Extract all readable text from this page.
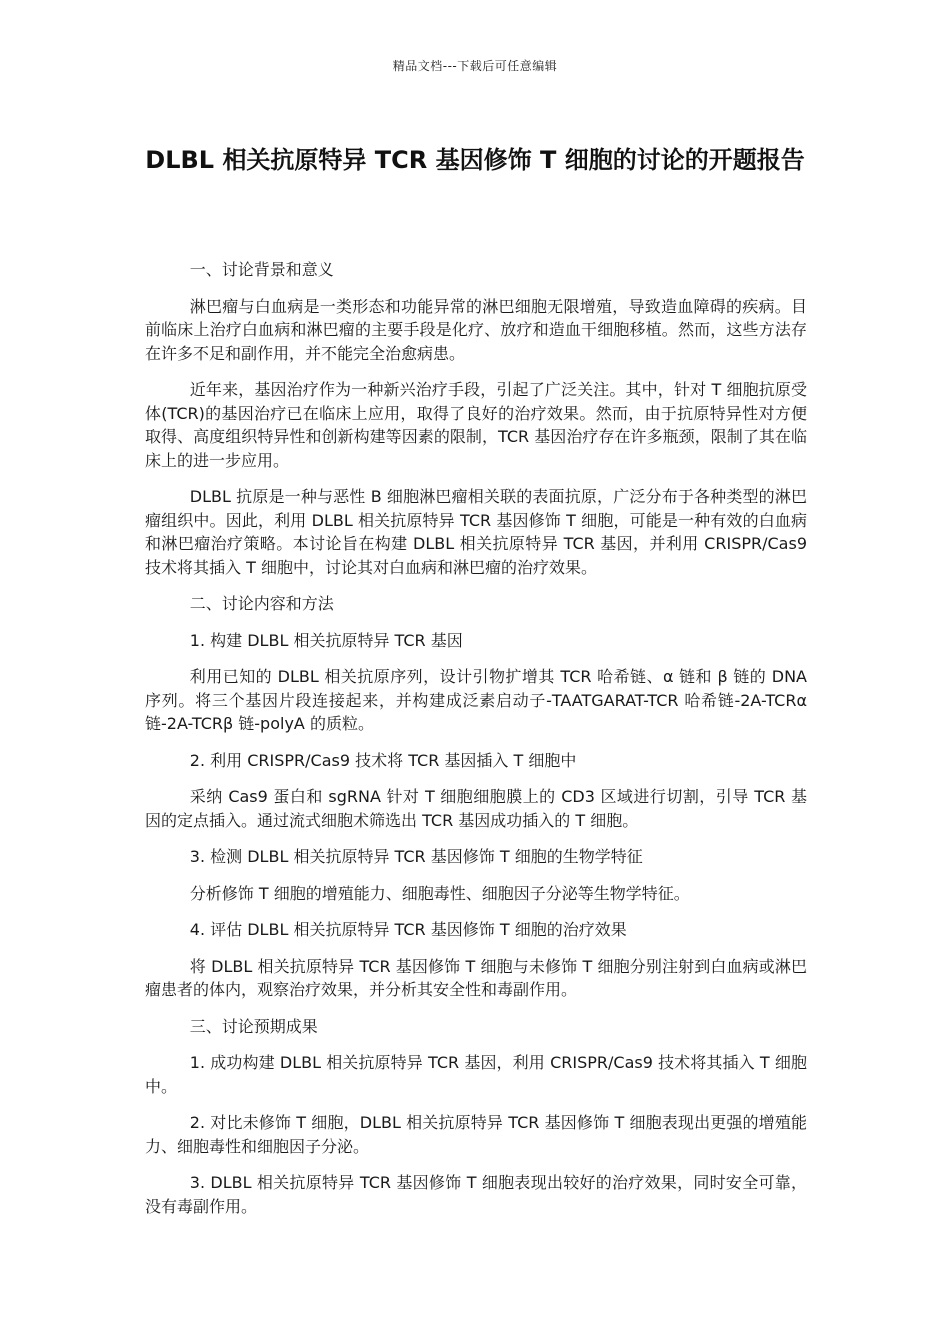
精品文档---下载后可任意编辑
DLBL 相关抗原特异 TCR 基因修饰 T 细胞的讨论的开题报告

一、讨论背景和意义

淋巴瘤与白血病是一类形态和功能异常的淋巴细胞无限增殖，导致造血障碍的疾病。目前临床上治疗白血病和淋巴瘤的主要手段是化疗、放疗和造血干细胞移植。然而，这些方法存在许多不足和副作用，并不能完全治愈病患。

近年来，基因治疗作为一种新兴治疗手段，引起了广泛关注。其中，针对 T 细胞抗原受体(TCR)的基因治疗已在临床上应用，取得了良好的治疗效果。然而，由于抗原特异性对方便取得、高度组织特异性和创新构建等因素的限制，TCR 基因治疗存在许多瓶颈，限制了其在临床上的进一步应用。

DLBL 抗原是一种与恶性 B 细胞淋巴瘤相关联的表面抗原，广泛分布于各种类型的淋巴瘤组织中。因此，利用 DLBL 相关抗原特异 TCR 基因修饰 T 细胞，可能是一种有效的白血病和淋巴瘤治疗策略。本讨论旨在构建 DLBL 相关抗原特异 TCR 基因，并利用 CRISPR/Cas9 技术将其插入 T 细胞中，讨论其对白血病和淋巴瘤的治疗效果。

二、讨论内容和方法

1. 构建 DLBL 相关抗原特异 TCR 基因

利用已知的 DLBL 相关抗原序列，设计引物扩增其 TCR 哈希链、α 链和 β 链的 DNA 序列。将三个基因片段连接起来，并构建成泛素启动子-TAATGARAT-TCR 哈希链-2A-TCRα 链-2A-TCRβ 链-polyA 的质粒。

2. 利用 CRISPR/Cas9 技术将 TCR 基因插入 T 细胞中

采纳 Cas9 蛋白和 sgRNA 针对 T 细胞细胞膜上的 CD3 区域进行切割，引导 TCR 基因的定点插入。通过流式细胞术筛选出 TCR 基因成功插入的 T 细胞。

3. 检测 DLBL 相关抗原特异 TCR 基因修饰 T 细胞的生物学特征

分析修饰 T 细胞的增殖能力、细胞毒性、细胞因子分泌等生物学特征。

4. 评估 DLBL 相关抗原特异 TCR 基因修饰 T 细胞的治疗效果

将 DLBL 相关抗原特异 TCR 基因修饰 T 细胞与未修饰 T 细胞分别注射到白血病或淋巴瘤患者的体内，观察治疗效果，并分析其安全性和毒副作用。

三、讨论预期成果

1. 成功构建 DLBL 相关抗原特异 TCR 基因，利用 CRISPR/Cas9 技术将其插入 T 细胞中。

2. 对比未修饰 T 细胞，DLBL 相关抗原特异 TCR 基因修饰 T 细胞表现出更强的增殖能力、细胞毒性和细胞因子分泌。

3. DLBL 相关抗原特异 TCR 基因修饰 T 细胞表现出较好的治疗效果，同时安全可靠，没有毒副作用。
